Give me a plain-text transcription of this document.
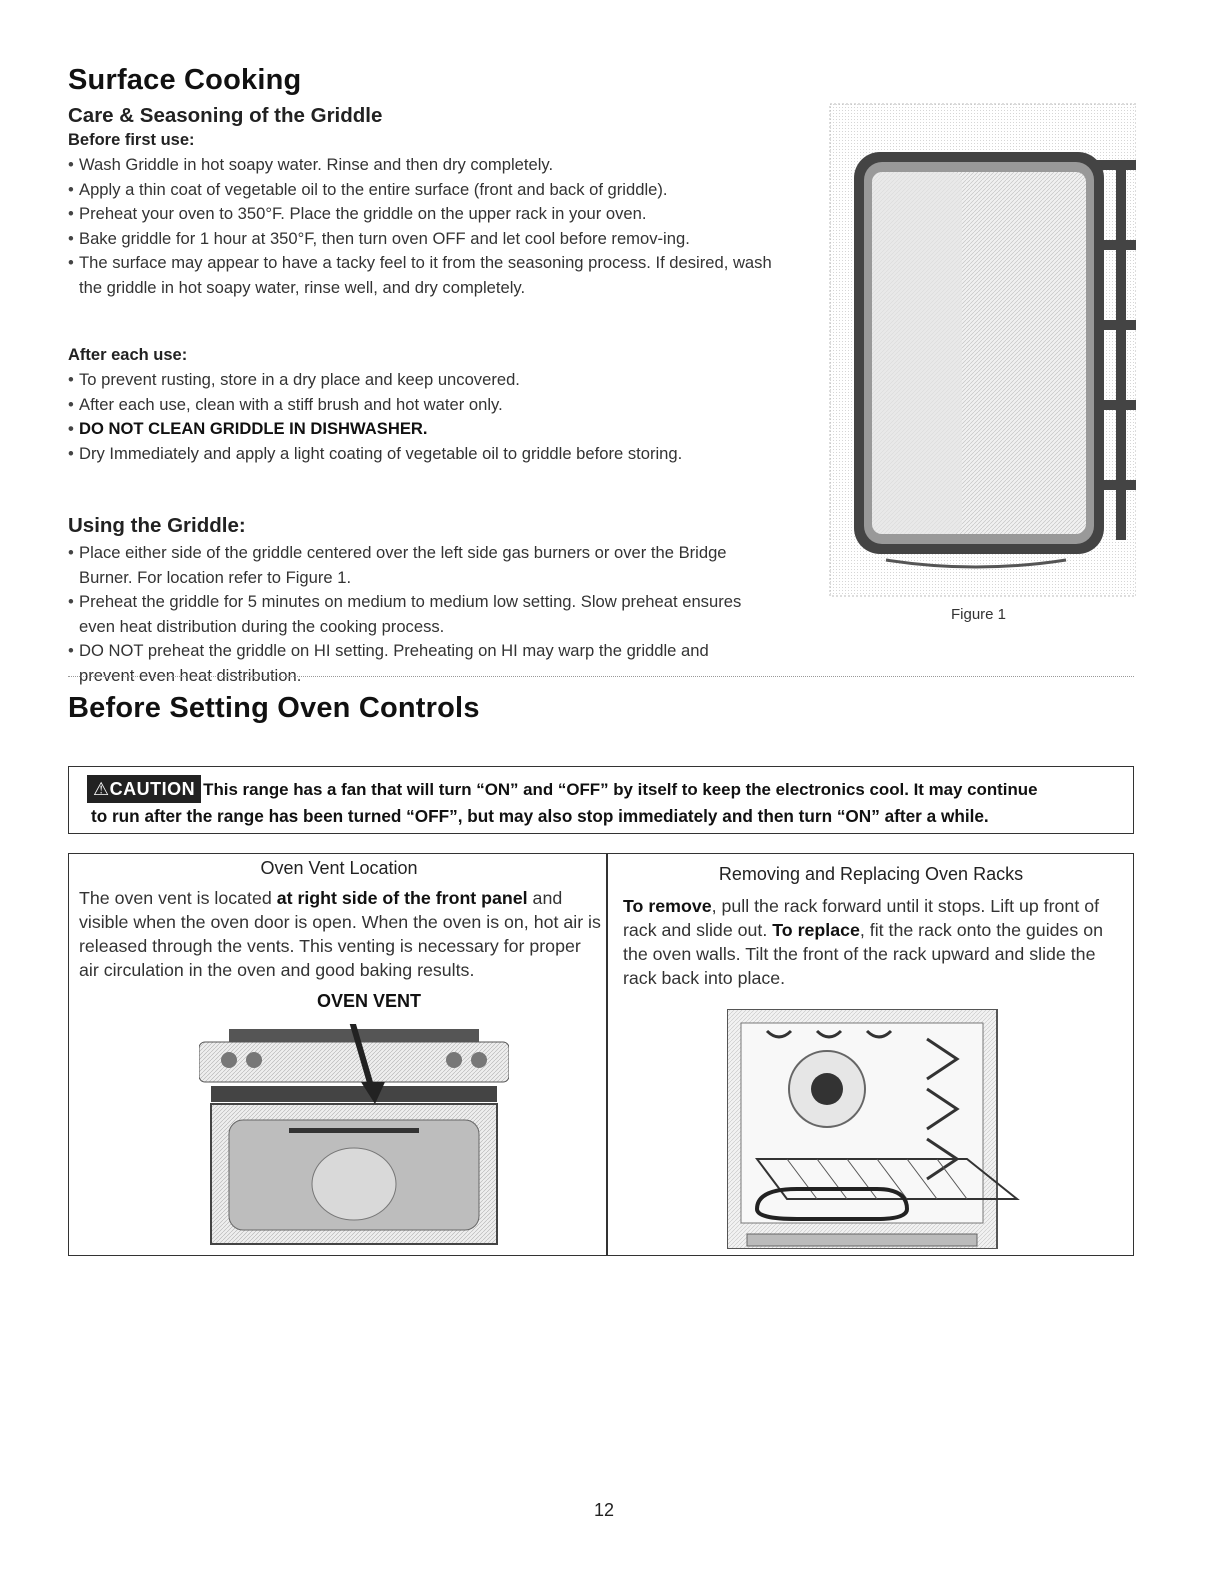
Surface Cooking
Care & Seasoning of the Griddle
Before first use:
• Wash Griddle in hot soapy water. Rinse and then dry completely.
• Apply a thin coat of vegetable oil to the entire surface (front and back of griddle).
• Preheat your oven to 350°F. Place the griddle on the upper rack in your oven.
• Bake griddle for 1 hour at 350°F, then turn oven OFF and let cool before remov-ing.
• The surface may appear to have a tacky feel to it from the seasoning process. If desired, wash the griddle in hot soapy water, rinse well, and dry completely.
After each use:
• To prevent rusting, store in a dry place and keep uncovered.
• After each use, clean with a stiff brush and hot water only.
• DO NOT CLEAN GRIDDLE IN DISHWASHER.
• Dry Immediately and apply a light coating of vegetable oil to griddle before storing.
Using the Griddle:
• Place either side of the griddle centered over the left side gas burners or over the Bridge Burner. For location refer to Figure 1.
• Preheat the griddle for 5 minutes on medium to medium low setting. Slow preheat ensures even heat distribution during the cooking process.
• DO NOT preheat the griddle on HI setting. Preheating on HI may warp the griddle and prevent even heat distribution.
Figure 1
Before Setting Oven Controls
⚠CAUTION This range has a fan that will turn “ON” and “OFF” by itself to keep the electronics cool. It may continue
to run after the range has been turned “OFF”, but may also stop immediately and then turn “ON” after a while.
Oven Vent Location
The oven vent is located at right side of the front panel and visible when the oven door is open. When the oven is on, hot air is released through the vents. This venting is necessary for proper air circulation in the oven and good baking results.
OVEN VENT
Removing and Replacing Oven Racks
To remove, pull the rack forward until it stops. Lift up front of rack and slide out. To replace, fit the rack onto the guides on the oven walls. Tilt the front of the rack upward and slide the rack back into place.
12
